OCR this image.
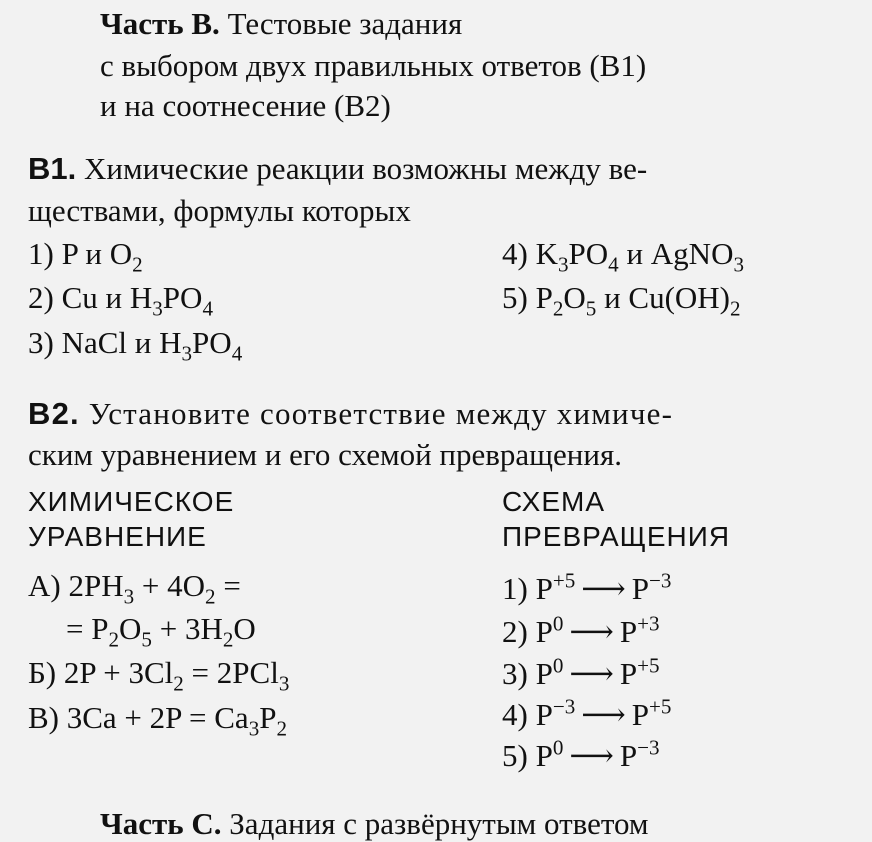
Часть В. Тестовые задания
с выбором двух правильных ответов (В1)
и на соотнесение (В2)
В1. Химические реакции возможны между ве-
ществами, формулы которых
1) P и $O_2$
2) Cu и $H_3PO_4$
3) NaCl и $H_3PO_4$
4) $K_3PO_4$ и AgNO$_3$
5) $P_2O_5$ и $Cu(OH)_2$
В2. Установите соответствие между химиче-
ским уравнением и его схемой превращения.
ХИМИЧЕСКОЕ
УРАВНЕНИЕ
СХЕМА
ПРЕВРАЩЕНИЯ
А) $2PH_3 + 4O_2$ =
= $P_2O_5 + 3H_2O$
Б) $2P + 3Cl_2 = 2PCl_3$
В) $3Ca + 2P = Ca_3P_2$
1) $P^{+5}$ ⟶ $P^{-3}$
2) $P^0$ ⟶ $P^{+3}$
3) $P^0$ ⟶ $P^{+5}$
4) $P^{-3}$ ⟶ $P^{+5}$
5) $P^0$ ⟶ $P^{-3}$
Часть С. Задания с развёрнутым ответом
